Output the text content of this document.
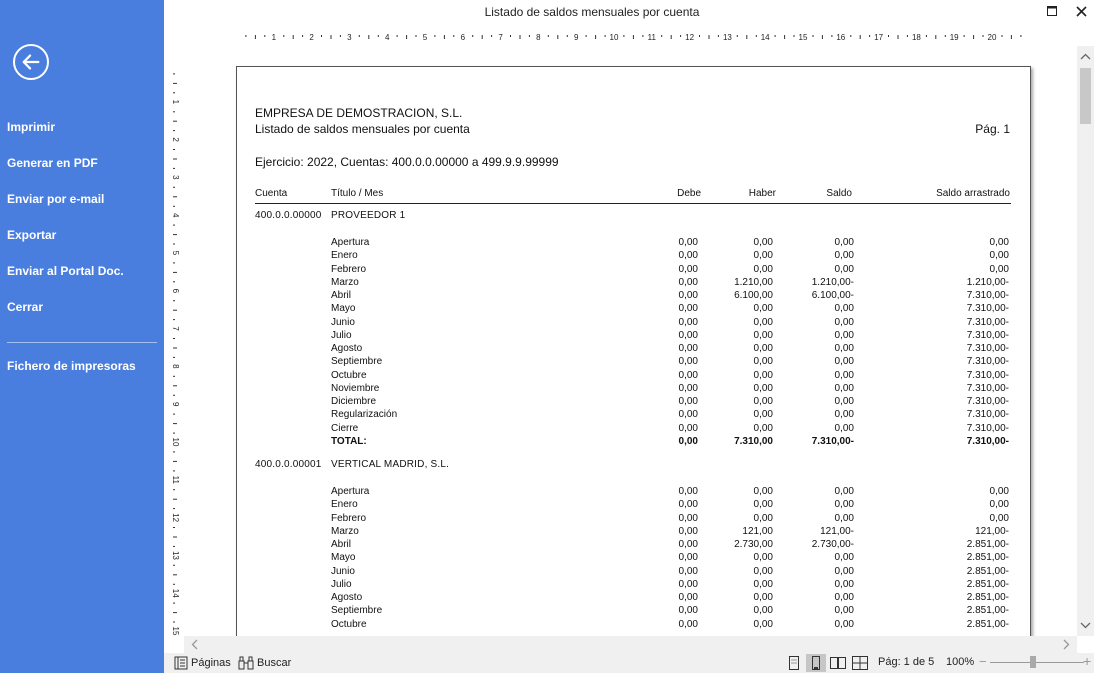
Imprimir
Generar en PDF
Enviar por e-mail
Exportar
Enviar al Portal Doc.
Cerrar
Fichero de impresoras
Listado de saldos mensuales por cuenta
1	2	3	4	5	6	7	8	9	10	11	12	13	14	15	16	17	18	19	20
1
2
3
4
5
6
7
8
9
10
11
12
13
14
15
EMPRESA DE DEMOSTRACION, S.L.
Listado de saldos mensuales por cuenta	Pág. 1
Ejercicio: 2022, Cuentas: 400.0.0.00000 a 499.9.9.99999
Cuenta	Título / Mes	Debe	Haber	Saldo	Saldo arrastrado
400.0.0.00000 PROVEEDOR 1
Apertura	0,00	0,00	0,00	0,00
Enero	0,00	0,00	0,00	0,00
Febrero	0,00	0,00	0,00	0,00
Marzo	0,00	1.210,00	1.210,00-	1.210,00-
Abril	0,00	6.100,00	6.100,00-	7.310,00-
Mayo	0,00	0,00	0,00	7.310,00-
Junio	0,00	0,00	0,00	7.310,00-
Julio	0,00	0,00	0,00	7.310,00-
Agosto	0,00	0,00	0,00	7.310,00-
Septiembre	0,00	0,00	0,00	7.310,00-
Octubre	0,00	0,00	0,00	7.310,00-
Noviembre	0,00	0,00	0,00	7.310,00-
Diciembre	0,00	0,00	0,00	7.310,00-
Regularización	0,00	0,00	0,00	7.310,00-
Cierre	0,00	0,00	0,00	7.310,00-
TOTAL:	0,00	7.310,00	7.310,00-	7.310,00-
400.0.0.00001 VERTICAL MADRID, S.L.
Apertura	0,00	0,00	0,00	0,00
Enero	0,00	0,00	0,00	0,00
Febrero	0,00	0,00	0,00	0,00
Marzo	0,00	121,00	121,00-	121,00-
Abril	0,00	2.730,00	2.730,00-	2.851,00-
Mayo	0,00	0,00	0,00	2.851,00-
Junio	0,00	0,00	0,00	2.851,00-
Julio	0,00	0,00	0,00	2.851,00-
Agosto	0,00	0,00	0,00	2.851,00-
Septiembre	0,00	0,00	0,00	2.851,00-
Octubre	0,00	0,00	0,00	2.851,00-
Páginas Buscar	Pág: 1 de 5 100% −	+
